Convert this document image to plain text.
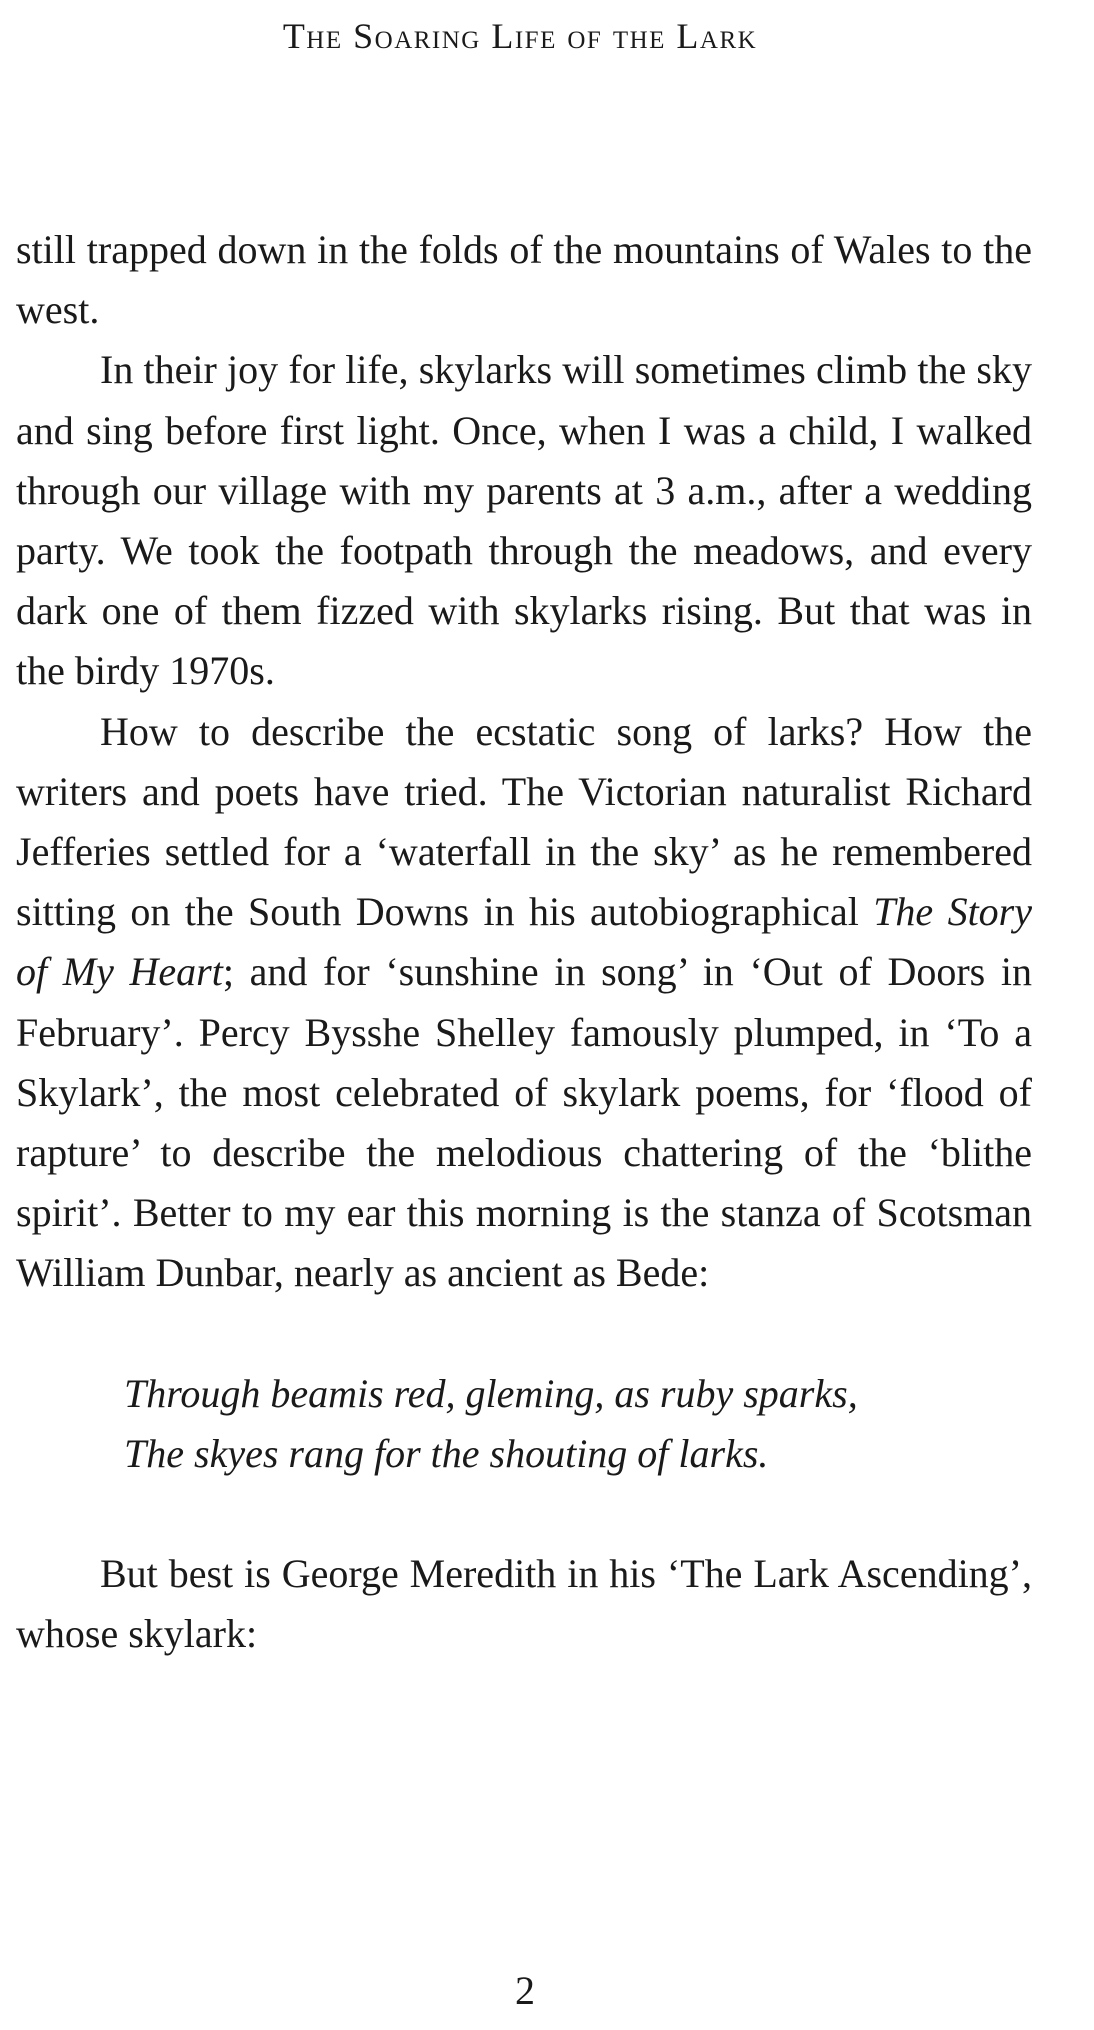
The Soaring Life of the Lark

still trapped down in the folds of the mountains of Wales to the west.

In their joy for life, skylarks will sometimes climb the sky and sing before first light. Once, when I was a child, I walked through our village with my parents at 3 a.m., after a wedding party. We took the footpath through the meadows, and every dark one of them fizzed with skylarks rising. But that was in the birdy 1970s.

How to describe the ecstatic song of larks? How the writers and poets have tried. The Victorian naturalist Richard Jefferies settled for a ‘waterfall in the sky’ as he remembered sitting on the South Downs in his autobiographical The Story of My Heart; and for ‘sunshine in song’ in ‘Out of Doors in February’. Percy Bysshe Shelley famously plumped, in ‘To a Skylark’, the most celebrated of skylark poems, for ‘flood of rapture’ to describe the melodious chattering of the ‘blithe spirit’. Better to my ear this morning is the stanza of Scotsman William Dunbar, nearly as ancient as Bede:

Through beamis red, gleming, as ruby sparks,
The skyes rang for the shouting of larks.

But best is George Meredith in his ‘The Lark Ascending’, whose skylark:

2
